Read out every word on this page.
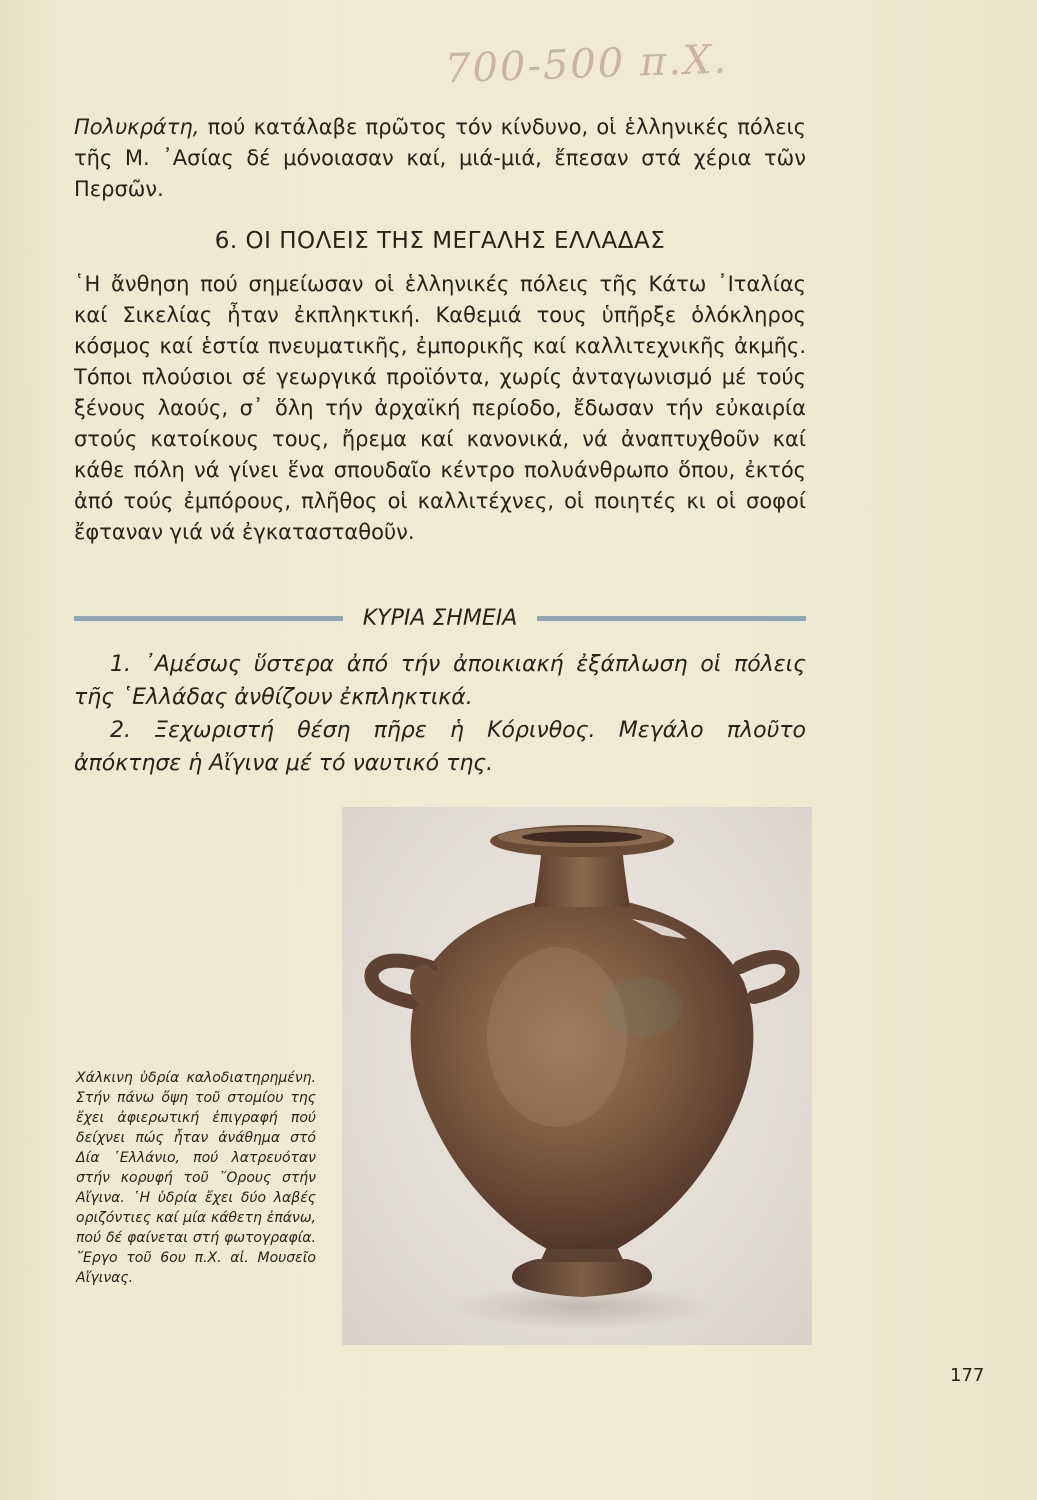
700-500 π.Χ.
Πολυκράτη, πού κατάλαβε πρῶτος τόν κίνδυνο, οἱ ἑλληνικές πόλεις τῆς Μ. ᾿Ασίας δέ μόνοιασαν καί, μιά-μιά, ἔπεσαν στά χέρια τῶν Περσῶν.
6. ΟΙ ΠΟΛΕΙΣ ΤΗΣ ΜΕΓΑΛΗΣ ΕΛΛΑΔΑΣ
῾Η ἄνθηση πού σημείωσαν οἱ ἑλληνικές πόλεις τῆς Κάτω ᾿Ιταλίας καί Σικελίας ἦταν ἐκπληκτική. Καθεμιά τους ὑπῆρξε ὁλόκληρος κόσμος καί ἑστία πνευματικῆς, ἐμπορικῆς καί καλλιτεχνικῆς ἀκμῆς. Τόποι πλούσιοι σέ γεωργικά προϊόντα, χωρίς ἀνταγωνισμό μέ τούς ξένους λαούς, σ᾿ ὅλη τήν ἀρχαϊκή περίοδο, ἔδωσαν τήν εὐκαιρία στούς κατοίκους τους, ἤρεμα καί κανονικά, νά ἀναπτυχθοῦν καί κάθε πόλη νά γίνει ἕνα σπουδαῖο κέντρο πολυάνθρωπο ὅπου, ἐκτός ἀπό τούς ἐμπόρους, πλῆθος οἱ καλλιτέχνες, οἱ ποιητές κι οἱ σοφοί ἔφταναν γιά νά ἐγκατασταθοῦν.
ΚΥΡΙΑ ΣΗΜΕΙΑ

1. ᾿Αμέσως ὕστερα ἀπό τήν ἀποικιακή ἐξάπλωση οἱ πόλεις τῆς ῾Ελλάδας ἀνθίζουν ἐκπληκτικά.

2. Ξεχωριστή θέση πῆρε ἡ Κόρινθος. Μεγάλο πλοῦτο ἀπόκτησε ἡ Αἴγινα μέ τό ναυτικό της.

Χάλκινη ὑδρία καλοδιατηρημένη. Στήν πάνω ὄψη τοῦ στομίου της ἔχει ἀφιερωτική ἐπιγραφή πού δείχνει πώς ἦταν ἀνάθημα στό Δία ῾Ελλάνιο, πού λατρευόταν στήν κορυφή τοῦ ῎Ορους στήν Αἴγινα. ῾Η ὑδρία ἔχει δύο λαβές οριζόντιες καί μία κάθετη ἐπάνω, πού δέ φαίνεται στή φωτογραφία. ῎Εργο τοῦ 6ου π.Χ. αἰ. Μουσεῖο Αἴγινας.
177
